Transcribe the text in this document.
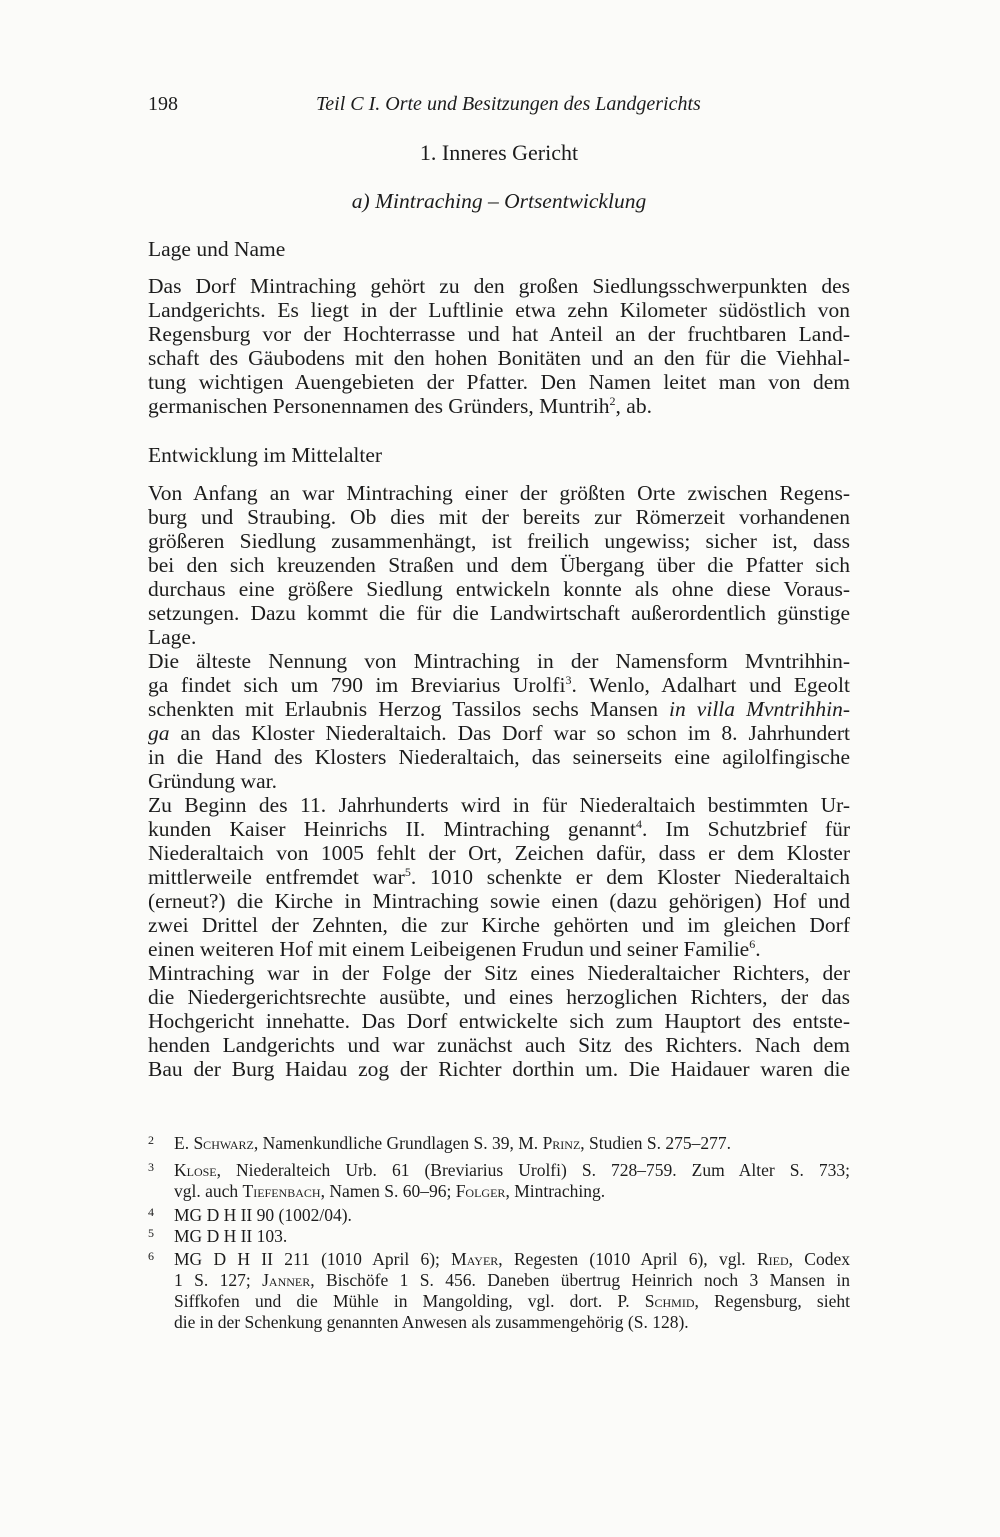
198	Teil C I. Orte und Besitzungen des Landgerichts
1. Inneres Gericht
a) Mintraching – Ortsentwicklung
Lage und Name
Das Dorf Mintraching gehört zu den großen Siedlungsschwerpunkten des
Landgerichts. Es liegt in der Luftlinie etwa zehn Kilometer südöstlich von
Regensburg vor der Hochterrasse und hat Anteil an der fruchtbaren Land-
schaft des Gäubodens mit den hohen Bonitäten und an den für die Viehhal-
tung wichtigen Auengebieten der Pfatter. Den Namen leitet man von dem
germanischen Personennamen des Gründers, Muntrih$^2$, ab.
Entwicklung im Mittelalter
Von Anfang an war Mintraching einer der größten Orte zwischen Regens-
burg und Straubing. Ob dies mit der bereits zur Römerzeit vorhandenen
größeren Siedlung zusammenhängt, ist freilich ungewiss; sicher ist, dass
bei den sich kreuzenden Straßen und dem Übergang über die Pfatter sich
durchaus eine größere Siedlung entwickeln konnte als ohne diese Voraus-
setzungen. Dazu kommt die für die Landwirtschaft außerordentlich günstige
Lage.
Die älteste Nennung von Mintraching in der Namensform Mvntrihhin-
ga findet sich um 790 im Breviarius Urolfi$^3$. Wenlo, Adalhart und Egeolt
schenkten mit Erlaubnis Herzog Tassilos sechs Mansen in villa Mvntrihhin-
ga an das Kloster Niederaltaich. Das Dorf war so schon im 8. Jahrhundert
in die Hand des Klosters Niederaltaich, das seinerseits eine agilolfingische
Gründung war.
Zu Beginn des 11. Jahrhunderts wird in für Niederaltaich bestimmten Ur-
kunden Kaiser Heinrichs II. Mintraching genannt$^4$. Im Schutzbrief für
Niederaltaich von 1005 fehlt der Ort, Zeichen dafür, dass er dem Kloster
mittlerweile entfremdet war$^5$. 1010 schenkte er dem Kloster Niederaltaich
(erneut?) die Kirche in Mintraching sowie einen (dazu gehörigen) Hof und
zwei Drittel der Zehnten, die zur Kirche gehörten und im gleichen Dorf
einen weiteren Hof mit einem Leibeigenen Frudun und seiner Familie$^6$.
Mintraching war in der Folge der Sitz eines Niederaltaicher Richters, der
die Niedergerichtsrechte ausübte, und eines herzoglichen Richters, der das
Hochgericht innehatte. Das Dorf entwickelte sich zum Hauptort des entste-
henden Landgerichts und war zunächst auch Sitz des Richters. Nach dem
Bau der Burg Haidau zog der Richter dorthin um. Die Haidauer waren die
2 E. Schwarz, Namenkundliche Grundlagen S. 39, M. Prinz, Studien S. 275–277.
3 Klose, Niederalteich Urb. 61 (Breviarius Urolfi) S. 728–759. Zum Alter S. 733;
vgl. auch Tiefenbach, Namen S. 60–96; Folger, Mintraching.
4 MG D H II 90 (1002/04).
5 MG D H II 103.
6 MG D H II 211 (1010 April 6); Mayer, Regesten (1010 April 6), vgl. Ried, Codex
1 S. 127; Janner, Bischöfe 1 S. 456. Daneben übertrug Heinrich noch 3 Mansen in
Siffkofen und die Mühle in Mangolding, vgl. dort. P. Schmid, Regensburg, sieht
die in der Schenkung genannten Anwesen als zusammengehörig (S. 128).
